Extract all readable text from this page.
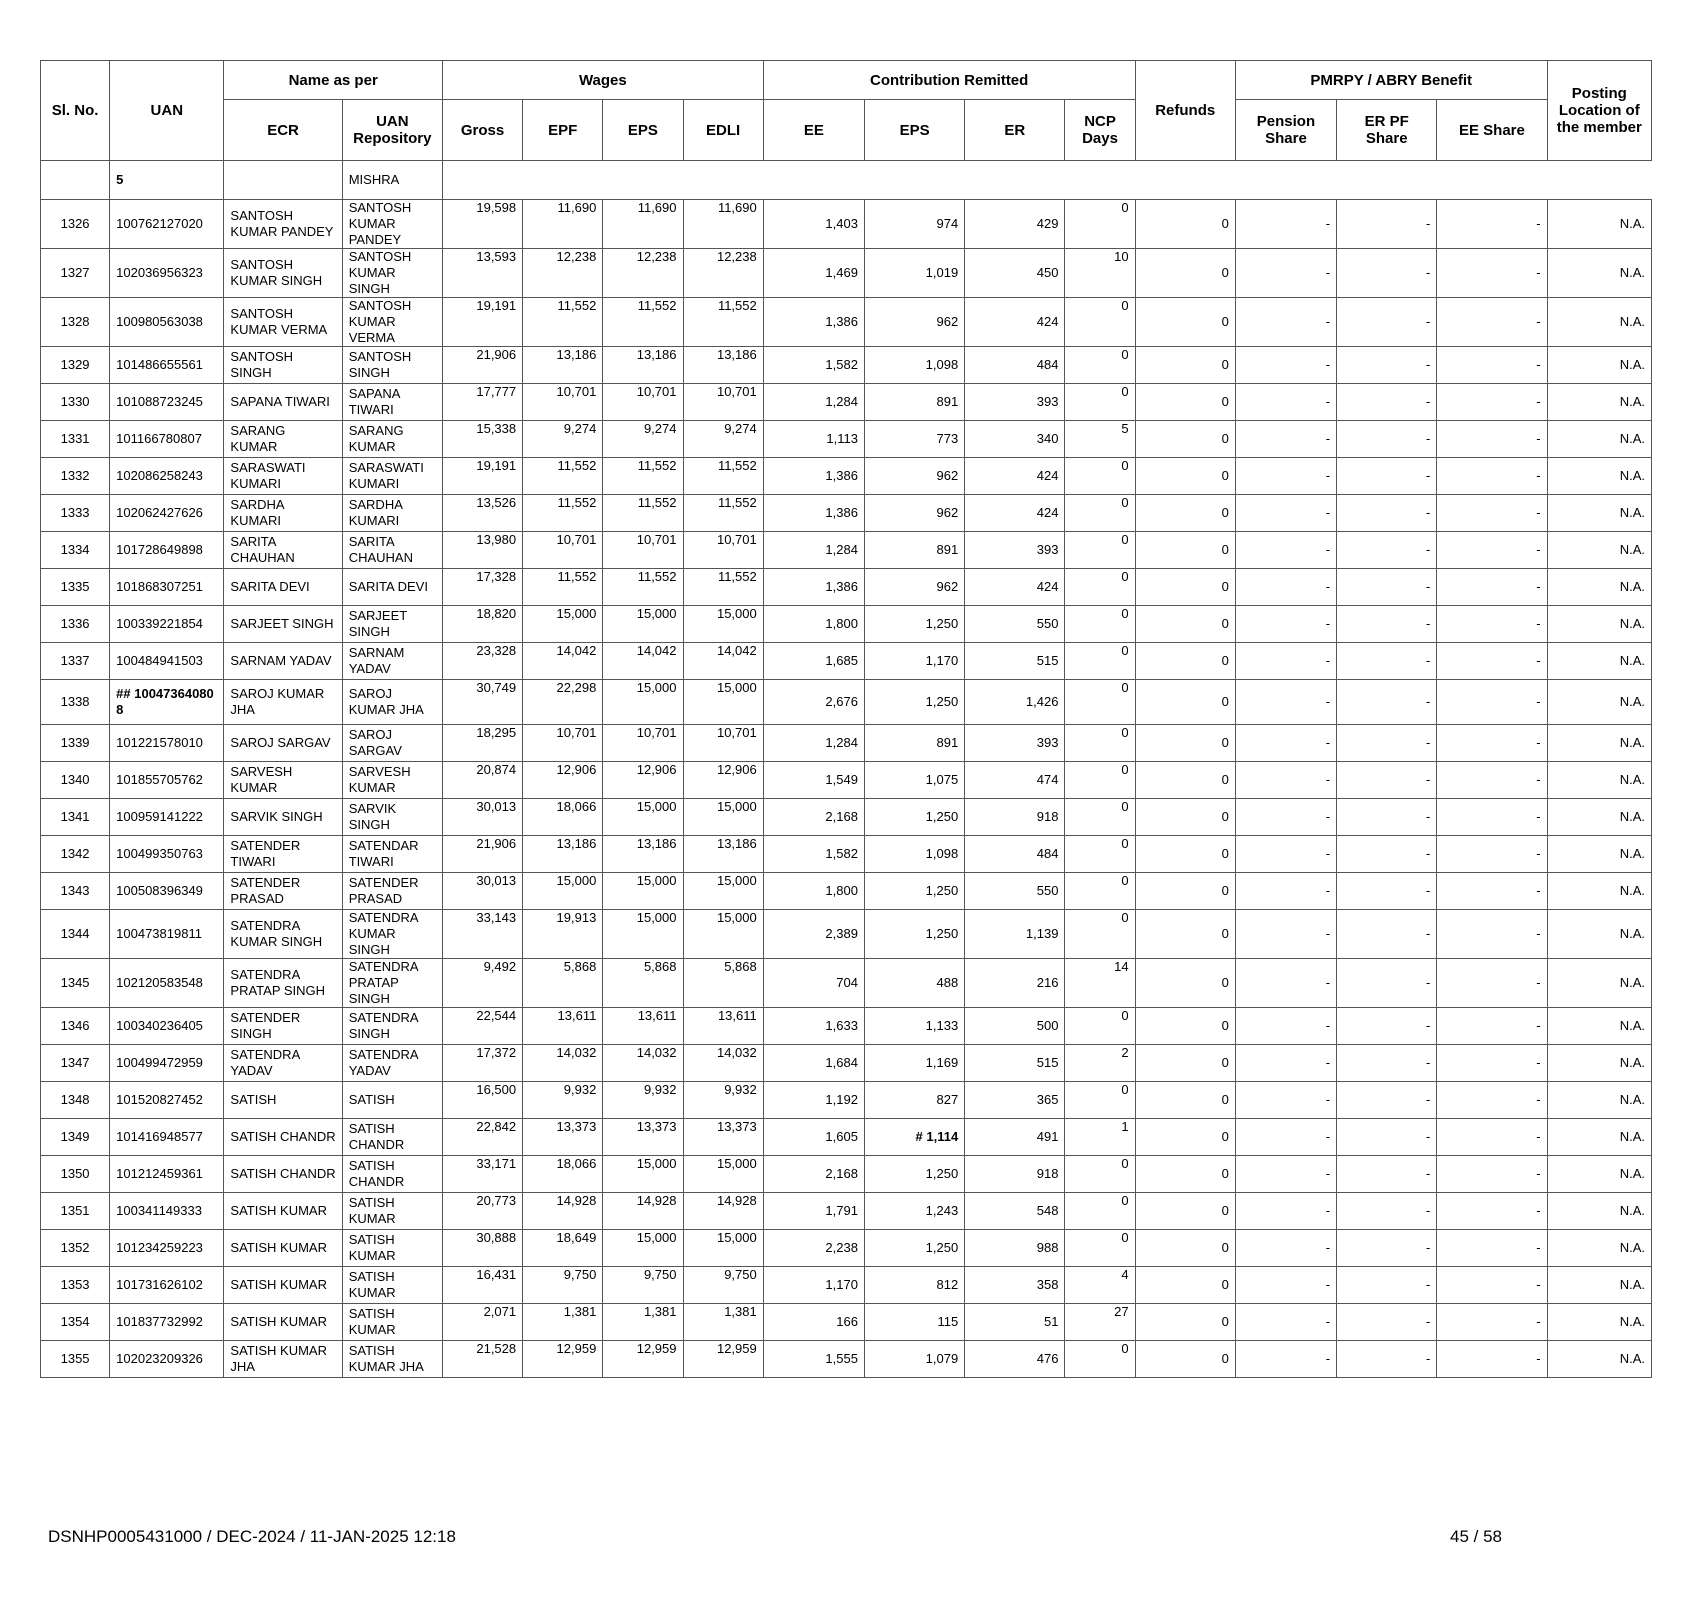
Sl. No.	UAN	Name as per		Wages				Contribution Remitted				Refunds	PMRPY / ABRY Benefit			Posting Location of the member
		ECR	UAN Repository	Gross	EPF	EPS	EDLI	EE	EPS	ER	NCP Days		Pension Share	ER PF Share	EE Share	
	5		MISHRA													
1326	100762127020	SANTOSH KUMAR PANDEY	SANTOSH KUMAR PANDEY	19,598	11,690	11,690	11,690	1,403	974	429	0	0	-	-	-	N.A.
1327	102036956323	SANTOSH KUMAR SINGH	SANTOSH KUMAR SINGH	13,593	12,238	12,238	12,238	1,469	1,019	450	10	0	-	-	-	N.A.
1328	100980563038	SANTOSH KUMAR VERMA	SANTOSH KUMAR VERMA	19,191	11,552	11,552	11,552	1,386	962	424	0	0	-	-	-	N.A.
1329	101486655561	SANTOSH SINGH	SANTOSH SINGH	21,906	13,186	13,186	13,186	1,582	1,098	484	0	0	-	-	-	N.A.
1330	101088723245	SAPANA TIWARI	SAPANA TIWARI	17,777	10,701	10,701	10,701	1,284	891	393	0	0	-	-	-	N.A.
1331	101166780807	SARANG KUMAR	SARANG KUMAR	15,338	9,274	9,274	9,274	1,113	773	340	5	0	-	-	-	N.A.
1332	102086258243	SARASWATI KUMARI	SARASWATI KUMARI	19,191	11,552	11,552	11,552	1,386	962	424	0	0	-	-	-	N.A.
1333	102062427626	SARDHA KUMARI	SARDHA KUMARI	13,526	11,552	11,552	11,552	1,386	962	424	0	0	-	-	-	N.A.
1334	101728649898	SARITA CHAUHAN	SARITA CHAUHAN	13,980	10,701	10,701	10,701	1,284	891	393	0	0	-	-	-	N.A.
1335	101868307251	SARITA DEVI	SARITA DEVI	17,328	11,552	11,552	11,552	1,386	962	424	0	0	-	-	-	N.A.
1336	100339221854	SARJEET SINGH	SARJEET SINGH	18,820	15,000	15,000	15,000	1,800	1,250	550	0	0	-	-	-	N.A.
1337	100484941503	SARNAM YADAV	SARNAM YADAV	23,328	14,042	14,042	14,042	1,685	1,170	515	0	0	-	-	-	N.A.
1338	## 10047364080 8	SAROJ KUMAR JHA	SAROJ KUMAR JHA	30,749	22,298	15,000	15,000	2,676	1,250	1,426	0	0	-	-	-	N.A.
1339	101221578010	SAROJ SARGAV	SAROJ SARGAV	18,295	10,701	10,701	10,701	1,284	891	393	0	0	-	-	-	N.A.
1340	101855705762	SARVESH KUMAR	SARVESH KUMAR	20,874	12,906	12,906	12,906	1,549	1,075	474	0	0	-	-	-	N.A.
1341	100959141222	SARVIK SINGH	SARVIK SINGH	30,013	18,066	15,000	15,000	2,168	1,250	918	0	0	-	-	-	N.A.
1342	100499350763	SATENDER TIWARI	SATENDAR TIWARI	21,906	13,186	13,186	13,186	1,582	1,098	484	0	0	-	-	-	N.A.
1343	100508396349	SATENDER PRASAD	SATENDER PRASAD	30,013	15,000	15,000	15,000	1,800	1,250	550	0	0	-	-	-	N.A.
1344	100473819811	SATENDRA KUMAR SINGH	SATENDRA KUMAR SINGH	33,143	19,913	15,000	15,000	2,389	1,250	1,139	0	0	-	-	-	N.A.
1345	102120583548	SATENDRA PRATAP SINGH	SATENDRA PRATAP SINGH	9,492	5,868	5,868	5,868	704	488	216	14	0	-	-	-	N.A.
1346	100340236405	SATENDER SINGH	SATENDRA SINGH	22,544	13,611	13,611	13,611	1,633	1,133	500	0	0	-	-	-	N.A.
1347	100499472959	SATENDRA YADAV	SATENDRA YADAV	17,372	14,032	14,032	14,032	1,684	1,169	515	2	0	-	-	-	N.A.
1348	101520827452	SATISH	SATISH	16,500	9,932	9,932	9,932	1,192	827	365	0	0	-	-	-	N.A.
1349	101416948577	SATISH CHANDR	SATISH CHANDR	22,842	13,373	13,373	13,373	1,605	# 1,114	491	1	0	-	-	-	N.A.
1350	101212459361	SATISH CHANDR	SATISH CHANDR	33,171	18,066	15,000	15,000	2,168	1,250	918	0	0	-	-	-	N.A.
1351	100341149333	SATISH KUMAR	SATISH KUMAR	20,773	14,928	14,928	14,928	1,791	1,243	548	0	0	-	-	-	N.A.
1352	101234259223	SATISH KUMAR	SATISH KUMAR	30,888	18,649	15,000	15,000	2,238	1,250	988	0	0	-	-	-	N.A.
1353	101731626102	SATISH KUMAR	SATISH KUMAR	16,431	9,750	9,750	9,750	1,170	812	358	4	0	-	-	-	N.A.
1354	101837732992	SATISH KUMAR	SATISH KUMAR	2,071	1,381	1,381	1,381	166	115	51	27	0	-	-	-	N.A.
1355	102023209326	SATISH KUMAR JHA	SATISH KUMAR JHA	21,528	12,959	12,959	12,959	1,555	1,079	476	0	0	-	-	-	N.A.
DSNHP0005431000 / DEC-2024 / 11-JAN-2025 12:18	45 / 58
